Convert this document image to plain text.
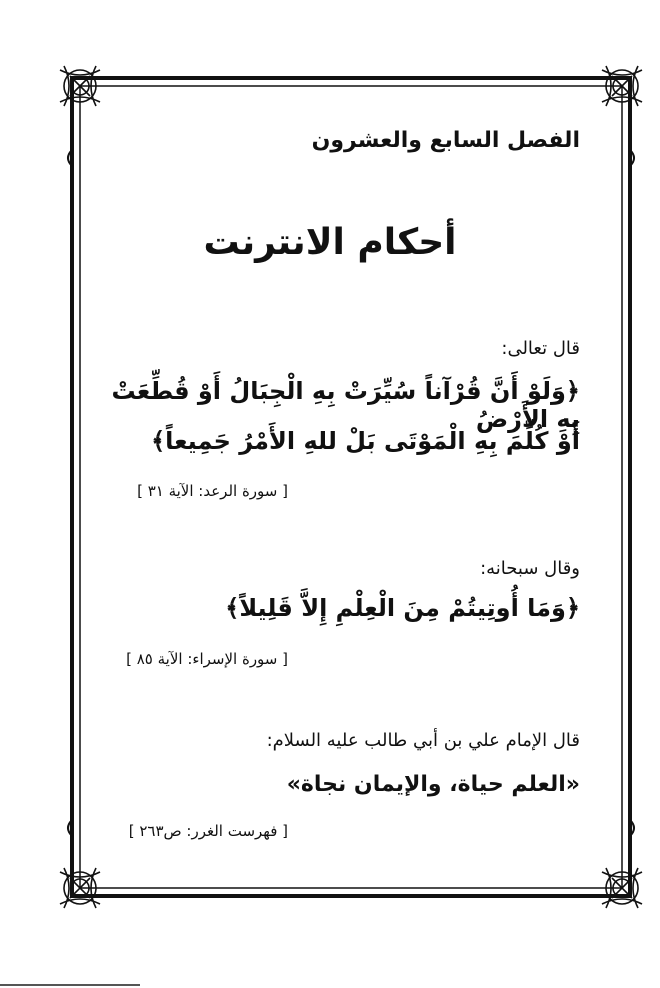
الفصل السابع والعشرون
أحكام الانترنت
قال تعالى:
﴿وَلَوْ أَنَّ قُرْآناً سُيِّرَتْ بِهِ الْجِبَالُ أَوْ قُطِّعَتْ بِهِ الأَرْضُ
أَوْ كُلِّمَ بِهِ الْمَوْتَى بَلْ للهِ الأَمْرُ جَمِيعاً﴾
[ سورة الرعد: الآية ٣١ ]
وقال سبحانه:
﴿وَمَا أُوتِيتُمْ مِنَ الْعِلْمِ إِلاَّ قَلِيلاً﴾
[ سورة الإسراء: الآية ٨٥ ]
قال الإمام علي بن أبي طالب عليه السلام:
«العلم حياة، والإيمان نجاة»
[ فهرست الغرر: ص٢٦٣ ]
